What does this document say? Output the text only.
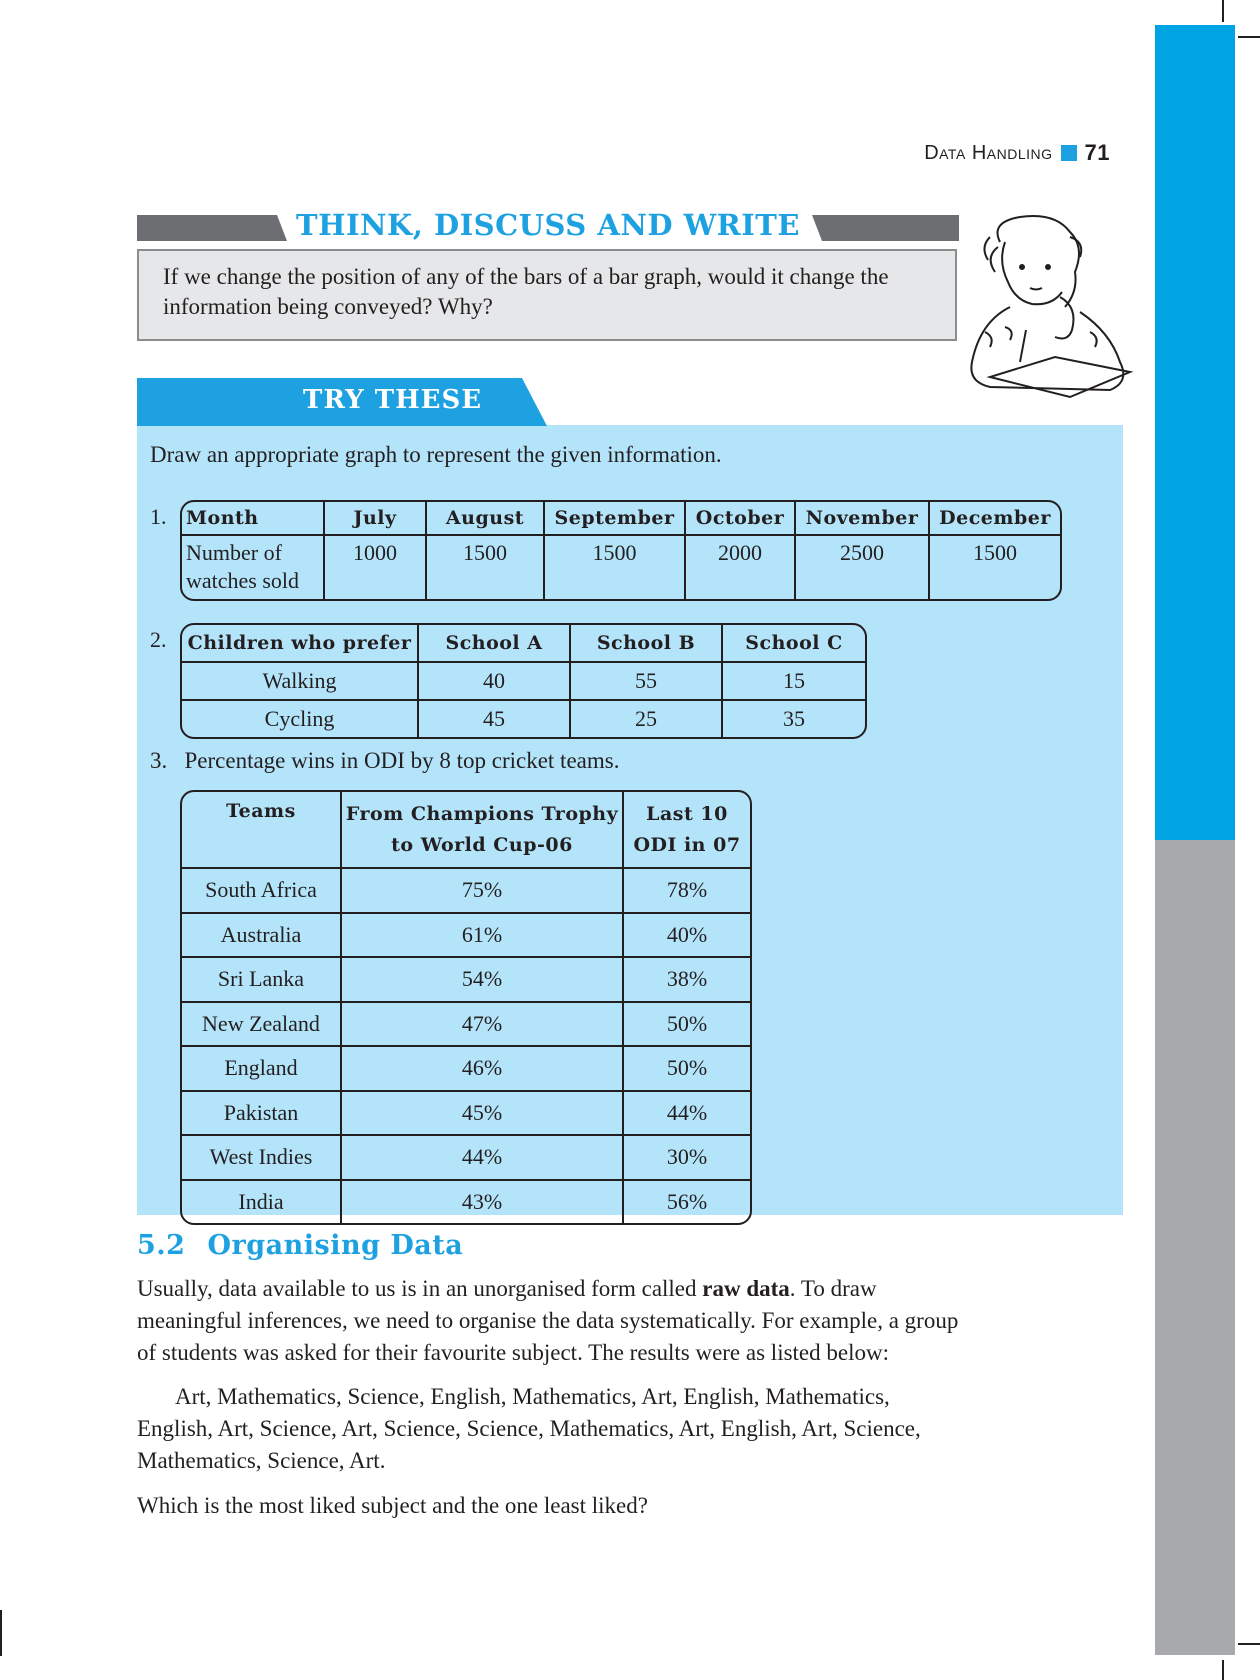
Data Handling 71
THINK, DISCUSS AND WRITE
If we change the position of any of the bars of a bar graph, would it change the information being conveyed? Why?
TRY THESE
Draw an appropriate graph to represent the given information.
1. Month	July	August	September	October	November	December
Number of watches sold	1000	1500	1500	2000	2500	1500
2. Children who prefer	School A	School B	School C
Walking	40	55	15
Cycling	45	25	35
3. Percentage wins in ODI by 8 top cricket teams.
Teams	From Champions Trophy to World Cup-06	Last 10 ODI in 07
South Africa	75%	78%
Australia	61%	40%
Sri Lanka	54%	38%
New Zealand	47%	50%
England	46%	50%
Pakistan	45%	44%
West Indies	44%	30%
India	43%	56%
5.2 Organising Data
Usually, data available to us is in an unorganised form called raw data. To draw meaningful inferences, we need to organise the data systematically. For example, a group of students was asked for their favourite subject. The results were as listed below:
Art, Mathematics, Science, English, Mathematics, Art, English, Mathematics, English, Art, Science, Art, Science, Science, Mathematics, Art, English, Art, Science, Mathematics, Science, Art.
Which is the most liked subject and the one least liked?
